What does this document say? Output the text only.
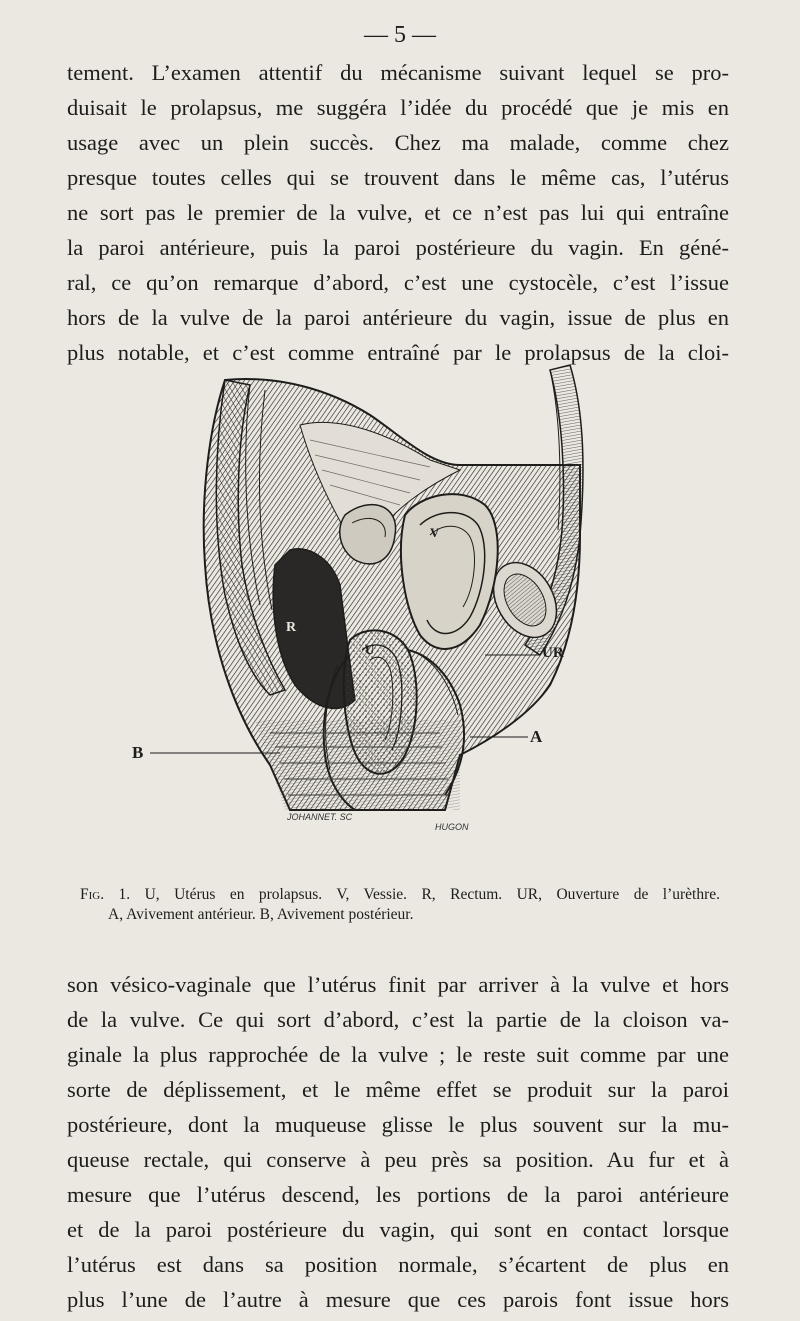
— 5 —

tement. L’examen attentif du mécanisme suivant lequel se pro-
duisait le prolapsus, me suggéra l’idée du procédé que je mis en
usage avec un plein succès. Chez ma malade, comme chez
presque toutes celles qui se trouvent dans le même cas, l’utérus
ne sort pas le premier de la vulve, et ce n’est pas lui qui entraîne
la paroi antérieure, puis la paroi postérieure du vagin. En géné-
ral, ce qu’on remarque d’abord, c’est une cystocèle, c’est l’issue
hors de la vulve de la paroi antérieure du vagin, issue de plus en
plus notable, et c’est comme entraîné par le prolapsus de la cloi-

V
R
U	UR
A
B
JOHANNET. SC
HUGON
Fig. 1. U, Utérus en prolapsus. V, Vessie. R, Rectum. UR, Ouverture de l’urèthre.
A, Avivement antérieur. B, Avivement postérieur.

son vésico-vaginale que l’utérus finit par arriver à la vulve et hors
de la vulve. Ce qui sort d’abord, c’est la partie de la cloison va-
ginale la plus rapprochée de la vulve ; le reste suit comme par une
sorte de déplissement, et le même effet se produit sur la paroi
postérieure, dont la muqueuse glisse le plus souvent sur la mu-
queuse rectale, qui conserve à peu près sa position. Au fur et à
mesure que l’utérus descend, les portions de la paroi antérieure
et de la paroi postérieure du vagin, qui sont en contact lorsque
l’utérus est dans sa position normale, s’écartent de plus en
plus l’une de l’autre à mesure que ces parois font issue hors
